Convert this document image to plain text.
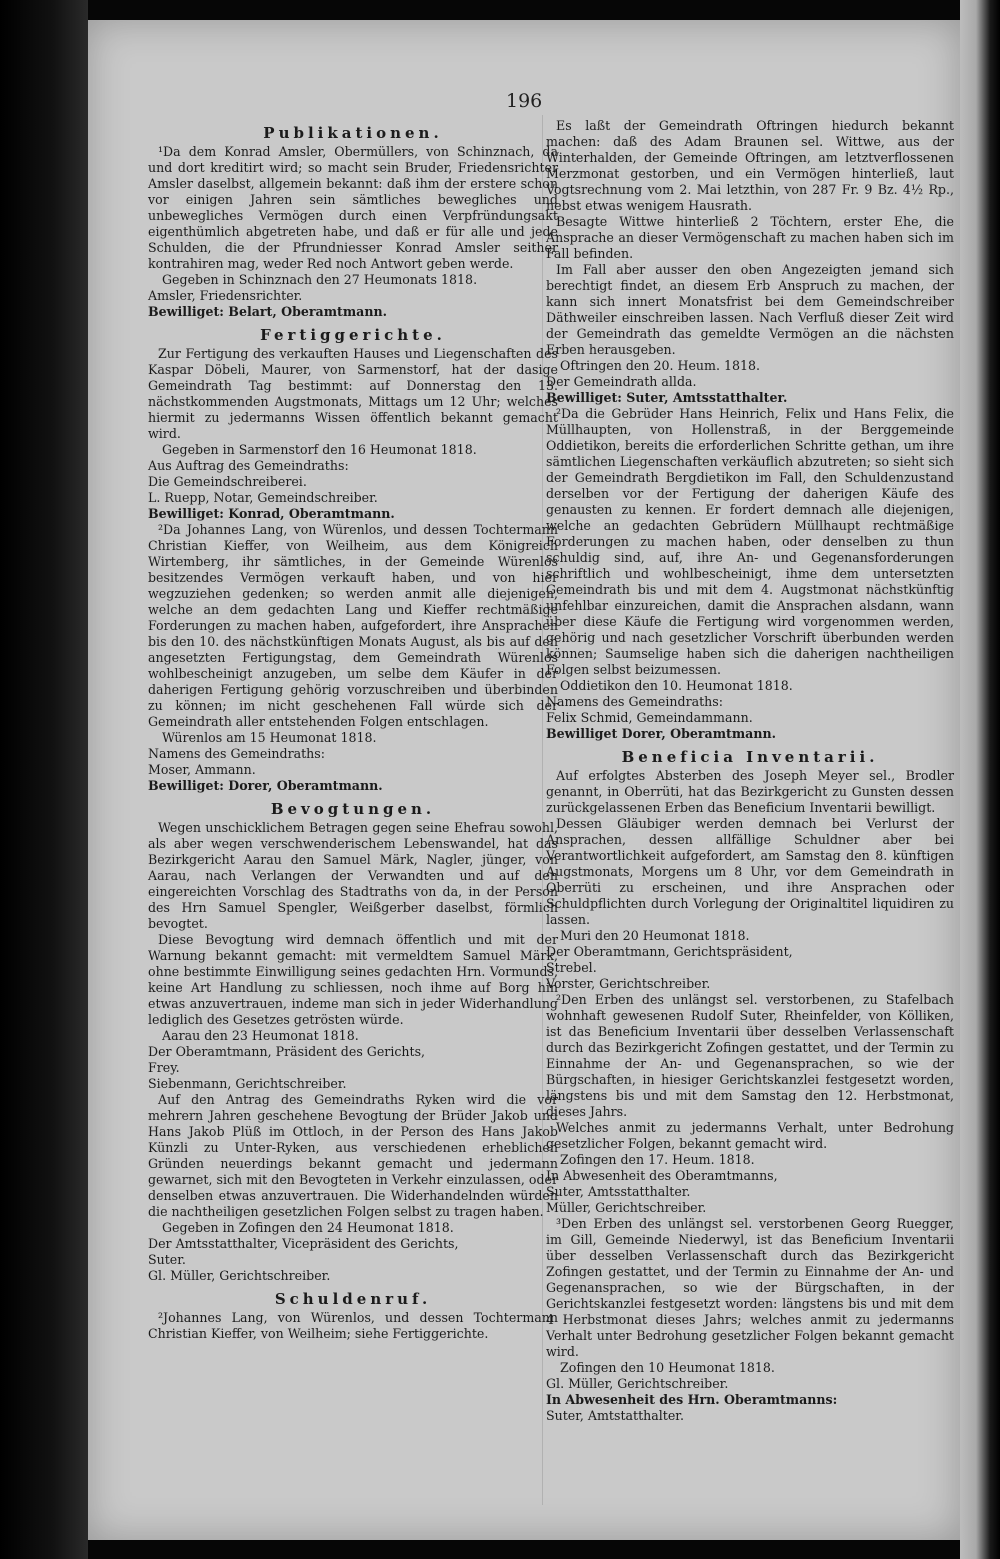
196
Publikationen.

¹Da dem Konrad Amsler, Obermüllers, von Schinznach, da und dort kreditirt wird; so macht sein Bruder, Friedensrichter Amsler daselbst, allgemein bekannt: daß ihm der erstere schon vor einigen Jahren sein sämtliches bewegliches und unbewegliches Vermögen durch einen Verpfründungsakt eigenthümlich abgetreten habe, und daß er für alle und jede Schulden, die der Pfrundniesser Konrad Amsler seither kontrahiren mag, weder Red noch Antwort geben werde.

Gegeben in Schinznach den 27 Heumonats 1818.

Amsler, Friedensrichter.

Bewilliget: Belart, Oberamtmann.

Fertiggerichte.

Zur Fertigung des verkauften Hauses und Liegenschaften des Kaspar Döbeli, Maurer, von Sarmenstorf, hat der dasige Gemeindrath Tag bestimmt: auf Donnerstag den 13. nächstkommenden Augstmonats, Mittags um 12 Uhr; welches hiermit zu jedermanns Wissen öffentlich bekannt gemacht wird.

Gegeben in Sarmenstorf den 16 Heumonat 1818.

Aus Auftrag des Gemeindraths:

Die Gemeindschreiberei.

L. Ruepp, Notar, Gemeindschreiber.

Bewilliget: Konrad, Oberamtmann.

²Da Johannes Lang, von Würenlos, und dessen Tochtermann Christian Kieffer, von Weilheim, aus dem Königreich Wirtemberg, ihr sämtliches, in der Gemeinde Würenlos besitzendes Vermögen verkauft haben, und von hier wegzuziehen gedenken; so werden anmit alle diejenigen, welche an dem gedachten Lang und Kieffer rechtmäßige Forderungen zu machen haben, aufgefordert, ihre Ansprachen bis den 10. des nächstkünftigen Monats August, als bis auf den angesetzten Fertigungstag, dem Gemeindrath Würenlos wohlbescheinigt anzugeben, um selbe dem Käufer in der daherigen Fertigung gehörig vorzuschreiben und überbinden zu können; im nicht geschehenen Fall würde sich der Gemeindrath aller entstehenden Folgen entschlagen.

Würenlos am 15 Heumonat 1818.

Namens des Gemeindraths:

Moser, Ammann.

Bewilliget: Dorer, Oberamtmann.

Bevogtungen.

Wegen unschicklichem Betragen gegen seine Ehefrau sowohl, als aber wegen verschwenderischem Lebenswandel, hat das Bezirkgericht Aarau den Samuel Märk, Nagler, jünger, von Aarau, nach Verlangen der Verwandten und auf den eingereichten Vorschlag des Stadtraths von da, in der Person des Hrn Samuel Spengler, Weißgerber daselbst, förmlich bevogtet.

Diese Bevogtung wird demnach öffentlich und mit der Warnung bekannt gemacht: mit vermeldtem Samuel Märk, ohne bestimmte Einwilligung seines gedachten Hrn. Vormunds, keine Art Handlung zu schliessen, noch ihme auf Borg hin etwas anzuvertrauen, indeme man sich in jeder Widerhandlung lediglich des Gesetzes getrösten würde.

Aarau den 23 Heumonat 1818.

Der Oberamtmann, Präsident des Gerichts,

Frey.

Siebenmann, Gerichtschreiber.

Auf den Antrag des Gemeindraths Ryken wird die vor mehrern Jahren geschehene Bevogtung der Brüder Jakob und Hans Jakob Plüß im Ottloch, in der Person des Hans Jakob Künzli zu Unter-Ryken, aus verschiedenen erheblichen Gründen neuerdings bekannt gemacht und jedermann gewarnet, sich mit den Bevogteten in Verkehr einzulassen, oder denselben etwas anzuvertrauen. Die Widerhandelnden würden die nachtheiligen gesetzlichen Folgen selbst zu tragen haben.

Gegeben in Zofingen den 24 Heumonat 1818.

Der Amtsstatthalter, Vicepräsident des Gerichts,

Suter.

Gl. Müller, Gerichtschreiber.

Schuldenruf.

²Johannes Lang, von Würenlos, und dessen Tochtermann Christian Kieffer, von Weilheim; siehe Fertiggerichte.

Es laßt der Gemeindrath Oftringen hiedurch bekannt machen: daß des Adam Braunen sel. Wittwe, aus der Winterhalden, der Gemeinde Oftringen, am letztverflossenen Merzmonat gestorben, und ein Vermögen hinterließ, laut Vogtsrechnung vom 2. Mai letzthin, von 287 Fr. 9 Bz. 4½ Rp., nebst etwas wenigem Hausrath.

Besagte Wittwe hinterließ 2 Töchtern, erster Ehe, die Ansprache an dieser Vermögenschaft zu machen haben sich im Fall befinden.

Im Fall aber ausser den oben Angezeigten jemand sich berechtigt findet, an diesem Erb Anspruch zu machen, der kann sich innert Monatsfrist bei dem Gemeindschreiber Däthweiler einschreiben lassen. Nach Verfluß dieser Zeit wird der Gemeindrath das gemeldte Vermögen an die nächsten Erben herausgeben.

Oftringen den 20. Heum. 1818.

Der Gemeindrath allda.

Bewilliget: Suter, Amtsstatthalter.

²Da die Gebrüder Hans Heinrich, Felix und Hans Felix, die Müllhaupten, von Hollenstraß, in der Berggemeinde Oddietikon, bereits die erforderlichen Schritte gethan, um ihre sämtlichen Liegenschaften verkäuflich abzutreten; so sieht sich der Gemeindrath Bergdietikon im Fall, den Schuldenzustand derselben vor der Fertigung der daherigen Käufe des genausten zu kennen. Er fordert demnach alle diejenigen, welche an gedachten Gebrüdern Müllhaupt rechtmäßige Forderungen zu machen haben, oder denselben zu thun schuldig sind, auf, ihre An- und Gegenansforderungen schriftlich und wohlbescheinigt, ihme dem untersetzten Gemeindrath bis und mit dem 4. Augstmonat nächstkünftig unfehlbar einzureichen, damit die Ansprachen alsdann, wann über diese Käufe die Fertigung wird vorgenommen werden, gehörig und nach gesetzlicher Vorschrift überbunden werden können; Saumselige haben sich die daherigen nachtheiligen Folgen selbst beizumessen.

Oddietikon den 10. Heumonat 1818.

Namens des Gemeindraths:

Felix Schmid, Gemeindammann.

Bewilliget Dorer, Oberamtmann.

Beneficia Inventarii.

Auf erfolgtes Absterben des Joseph Meyer sel., Brodler genannt, in Oberrüti, hat das Bezirkgericht zu Gunsten dessen zurückgelassenen Erben das Beneficium Inventarii bewilligt.

Dessen Gläubiger werden demnach bei Verlurst der Ansprachen, dessen allfällige Schuldner aber bei Verantwortlichkeit aufgefordert, am Samstag den 8. künftigen Augstmonats, Morgens um 8 Uhr, vor dem Gemeindrath in Oberrüti zu erscheinen, und ihre Ansprachen oder Schuldpflichten durch Vorlegung der Originaltitel liquidiren zu lassen.

Muri den 20 Heumonat 1818.

Der Oberamtmann, Gerichtspräsident,

Strebel.

Vorster, Gerichtschreiber.

²Den Erben des unlängst sel. verstorbenen, zu Stafelbach wohnhaft gewesenen Rudolf Suter, Rheinfelder, von Kölliken, ist das Beneficium Inventarii über desselben Verlassenschaft durch das Bezirkgericht Zofingen gestattet, und der Termin zu Einnahme der An- und Gegenansprachen, so wie der Bürgschaften, in hiesiger Gerichtskanzlei festgesetzt worden, längstens bis und mit dem Samstag den 12. Herbstmonat, dieses Jahrs.

Welches anmit zu jedermanns Verhalt, unter Bedrohung gesetzlicher Folgen, bekannt gemacht wird.

Zofingen den 17. Heum. 1818.

In Abwesenheit des Oberamtmanns,

Suter, Amtsstatthalter.

Müller, Gerichtschreiber.

³Den Erben des unlängst sel. verstorbenen Georg Ruegger, im Gill, Gemeinde Niederwyl, ist das Beneficium Inventarii über desselben Verlassenschaft durch das Bezirkgericht Zofingen gestattet, und der Termin zu Einnahme der An- und Gegenansprachen, so wie der Bürgschaften, in der Gerichtskanzlei festgesetzt worden: längstens bis und mit dem 4 Herbstmonat dieses Jahrs; welches anmit zu jedermanns Verhalt unter Bedrohung gesetzlicher Folgen bekannt gemacht wird.

Zofingen den 10 Heumonat 1818.

Gl. Müller, Gerichtschreiber.

In Abwesenheit des Hrn. Oberamtmanns:

Suter, Amtstatthalter.
